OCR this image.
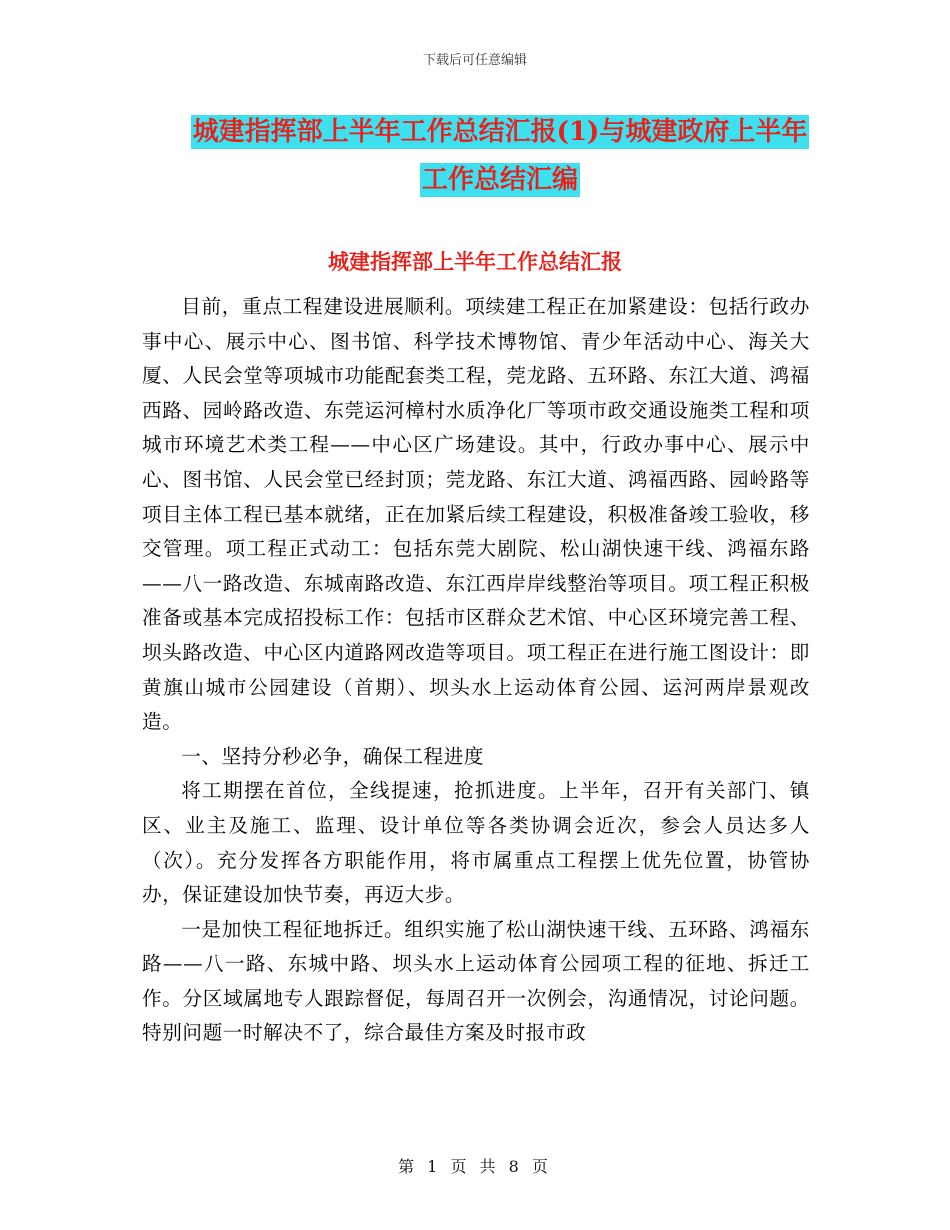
下载后可任意编辑
城建指挥部上半年工作总结汇报(1)与城建政府上半年
工作总结汇编
城建指挥部上半年工作总结汇报

目前，重点工程建设进展顺利。项续建工程正在加紧建设：包括行政办事中心、展示中心、图书馆、科学技术博物馆、青少年活动中心、海关大厦、人民会堂等项城市功能配套类工程，莞龙路、五环路、东江大道、鸿福西路、园岭路改造、东莞运河樟村水质净化厂等项市政交通设施类工程和项城市环境艺术类工程——中心区广场建设。其中，行政办事中心、展示中心、图书馆、人民会堂已经封顶；莞龙路、东江大道、鸿福西路、园岭路等项目主体工程已基本就绪，正在加紧后续工程建设，积极准备竣工验收，移交管理。项工程正式动工：包括东莞大剧院、松山湖快速干线、鸿福东路——八一路改造、东城南路改造、东江西岸岸线整治等项目。项工程正积极准备或基本完成招投标工作：包括市区群众艺术馆、中心区环境完善工程、坝头路改造、中心区内道路网改造等项目。项工程正在进行施工图设计：即黄旗山城市公园建设（首期）、坝头水上运动体育公园、运河两岸景观改造。

一、坚持分秒必争，确保工程进度

将工期摆在首位，全线提速，抢抓进度。上半年，召开有关部门、镇区、业主及施工、监理、设计单位等各类协调会近次，参会人员达多人（次）。充分发挥各方职能作用，将市属重点工程摆上优先位置，协管协办，保证建设加快节奏，再迈大步。

一是加快工程征地拆迁。组织实施了松山湖快速干线、五环路、鸿福东路——八一路、东城中路、坝头水上运动体育公园项工程的征地、拆迁工作。分区域属地专人跟踪督促，每周召开一次例会，沟通情况，讨论问题。特别问题一时解决不了，综合最佳方案及时报市政

第 1 页 共 8 页
